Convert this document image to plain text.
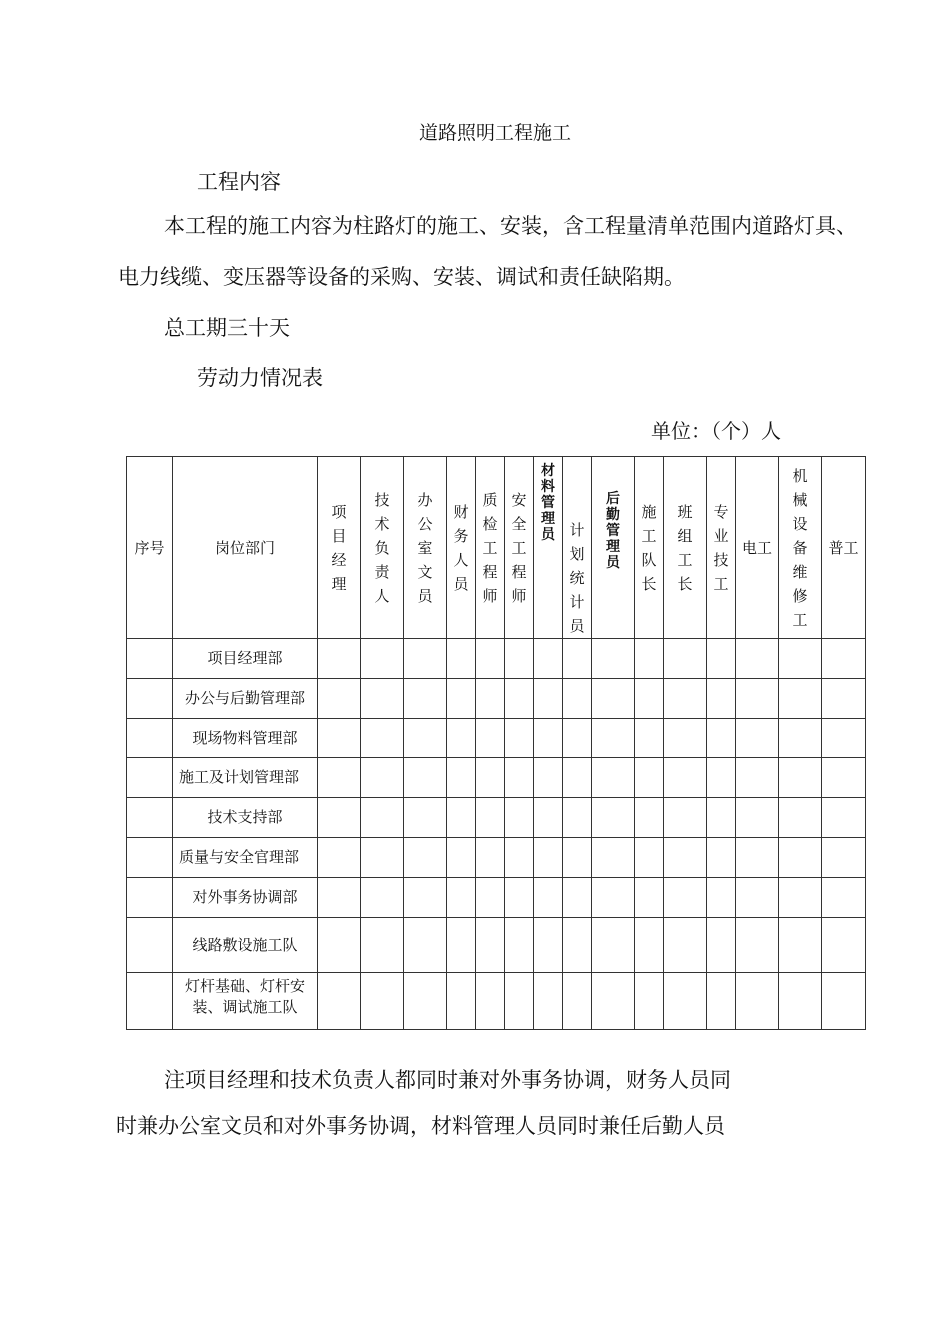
道路照明工程施工
工程内容
本工程的施工内容为柱路灯的施工、安装，含工程量清单范围内道路灯具、
电力线缆、变压器等设备的采购、安装、调试和责任缺陷期。
总工期三十天
劳动力情况表
单位：（个）人
序号	岗位部门	项目经理	技术负责人	办公室文员	财务人员	质检工程师	安全工程师	材料管理员	计划统计员	后勤管理员	施工队长	班组工长	专业技工	电工	机械设备维修工	普工
	项目经理部															
	办公与后勤管理部															
	现场物料管理部															
	施工及计划管理部															
	技术支持部															
	质量与安全官理部															
	对外事务协调部															
	线路敷设施工队															

	灯杆基础、灯杆安装、调试施工队															

注项目经理和技术负责人都同时兼对外事务协调，财务人员同
时兼办公室文员和对外事务协调，材料管理人员同时兼任后勤人员
